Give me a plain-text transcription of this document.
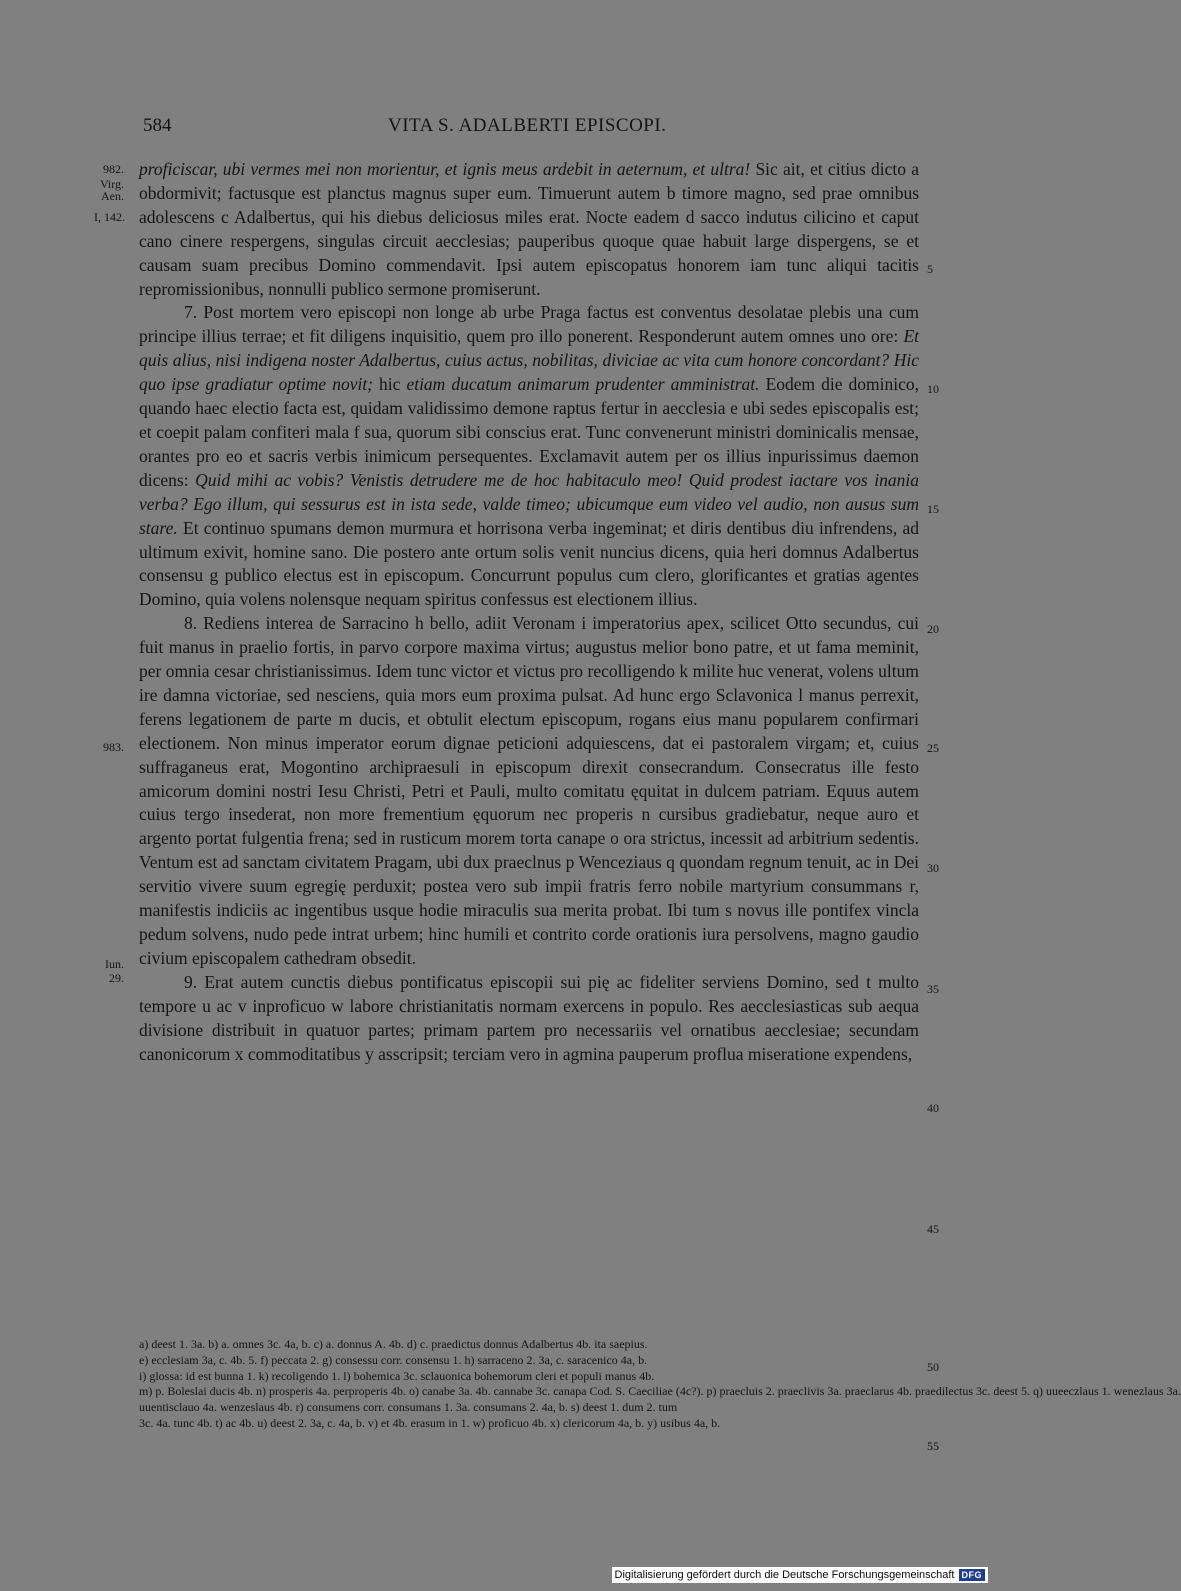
584	VITA S. ADALBERTI EPISCOPI.
982.
Virg.
Aen.
I, 142.
983.
Iun.
29.

proficiscar, ubi vermes mei non morientur, et ignis meus ardebit in aeternum, et ultra! Sic ait, et citius dicto a obdormivit; factusque est planctus magnus super eum. Timuerunt autem b timore magno, sed prae omnibus adolescens c Adalbertus, qui his diebus deliciosus miles erat. Nocte eadem d sacco indutus cilicino et caput cano cinere respergens, singulas circuit aecclesias; pauperibus quoque quae habuit large dispergens, se et causam suam precibus Domino commendavit. Ipsi autem episcopatus honorem iam tunc aliqui tacitis repromissionibus, nonnulli publico sermone promiserunt.

7. Post mortem vero episcopi non longe ab urbe Praga factus est conventus desolatae plebis una cum principe illius terrae; et fit diligens inquisitio, quem pro illo ponerent. Responderunt autem omnes uno ore: Et quis alius, nisi indigena noster Adalbertus, cuius actus, nobilitas, diviciae ac vita cum honore concordant? Hic quo ipse gradiatur optime novit; hic etiam ducatum animarum prudenter amministrat. Eodem die dominico, quando haec electio facta est, quidam validissimo demone raptus fertur in aecclesia e ubi sedes episcopalis est; et coepit palam confiteri mala f sua, quorum sibi conscius erat. Tunc convenerunt ministri dominicalis mensae, orantes pro eo et sacris verbis inimicum persequentes. Exclamavit autem per os illius inpurissimus daemon dicens: Quid mihi ac vobis? Venistis detrudere me de hoc habitaculo meo! Quid prodest iactare vos inania verba? Ego illum, qui sessurus est in ista sede, valde timeo; ubicumque eum video vel audio, non ausus sum stare. Et continuo spumans demon murmura et horrisona verba ingeminat; et diris dentibus diu infrendens, ad ultimum exivit, homine sano. Die postero ante ortum solis venit nuncius dicens, quia heri domnus Adalbertus consensu g publico electus est in episcopum. Concurrunt populus cum clero, glorificantes et gratias agentes Domino, quia volens nolensque nequam spiritus confessus est electionem illius.

8. Rediens interea de Sarracino h bello, adiit Veronam i imperatorius apex, scilicet Otto secundus, cui fuit manus in praelio fortis, in parvo corpore maxima virtus; augustus melior bono patre, et ut fama meminit, per omnia cesar christianissimus. Idem tunc victor et victus pro recolligendo k milite huc venerat, volens ultum ire damna victoriae, sed nesciens, quia mors eum proxima pulsat. Ad hunc ergo Sclavonica l manus perrexit, ferens legationem de parte m ducis, et obtulit electum episcopum, rogans eius manu popularem confirmari electionem. Non minus imperator eorum dignae peticioni adquiescens, dat ei pastoralem virgam; et, cuius suffraganeus erat, Mogontino archipraesuli in episcopum direxit consecrandum. Consecratus ille festo amicorum domini nostri Iesu Christi, Petri et Pauli, multo comitatu ęquitat in dulcem patriam. Equus autem cuius tergo insederat, non more frementium ęquorum nec properis n cursibus gradiebatur, neque auro et argento portat fulgentia frena; sed in rusticum morem torta canape o ora strictus, incessit ad arbitrium sedentis. Ventum est ad sanctam civitatem Pragam, ubi dux praeclnus p Wenceziaus q quondam regnum tenuit, ac in Dei servitio vivere suum egregię perduxit; postea vero sub impii fratris ferro nobile martyrium consummans r, manifestis indiciis ac ingentibus usque hodie miraculis sua merita probat. Ibi tum s novus ille pontifex vincla pedum solvens, nudo pede intrat urbem; hinc humili et contrito corde orationis iura persolvens, magno gaudio civium episcopalem cathedram obsedit.

9. Erat autem cunctis diebus pontificatus episcopii sui pię ac fideliter serviens Domino, sed t multo tempore u ac v inproficuo w labore christianitatis normam exercens in populo. Res aecclesiasticas sub aequa divisione distribuit in quatuor partes; primam partem pro necessariis vel ornatibus aecclesiae; secundam canonicorum x commoditatibus y asscripsit; terciam vero in agmina pauperum proflua miseratione expendens,

5
10
15
20
25
30
35
40
45
50
55
a) deest 1. 3a. b) a. omnes 3c. 4a, b. c) a. donnus A. 4b. d) c. praedictus donnus Adalbertus 4b. ita saepius.
e) ecclesiam 3a, c. 4b. 5. f) peccata 2. g) consessu corr. consensu 1. h) sarraceno 2. 3a, c. saracenico 4a, b.
i) glossa: id est bunna 1. k) recoligendo 1. l) bohemica 3c. sclauonica bohemorum cleri et populi manus 4b.
m) p. Boleslai ducis 4b. n) prosperis 4a. perproperis 4b. o) canabe 3a. 4b. cannabe 3c. canapa Cod. S. Caeciliae (4c?). p) praecluis 2. praeclivis 3a. praeclarus 4b. praedilectus 3c. deest 5. q) uueeczlaus 1. wenezlaus 3a.
uuentisclauo 4a. wenzeslaus 4b. r) consumens corr. consumans 1. 3a. consumans 2. 4a, b. s) deest 1. dum 2. tum
3c. 4a. tunc 4b. t) ac 4b. u) deest 2. 3a, c. 4a, b. v) et 4b. erasum in 1. w) proficuo 4b. x) clericorum 4a, b. y) usibus 4a, b.
Digitalisierung gefördert durch die Deutsche Forschungsgemeinschaft DFG
